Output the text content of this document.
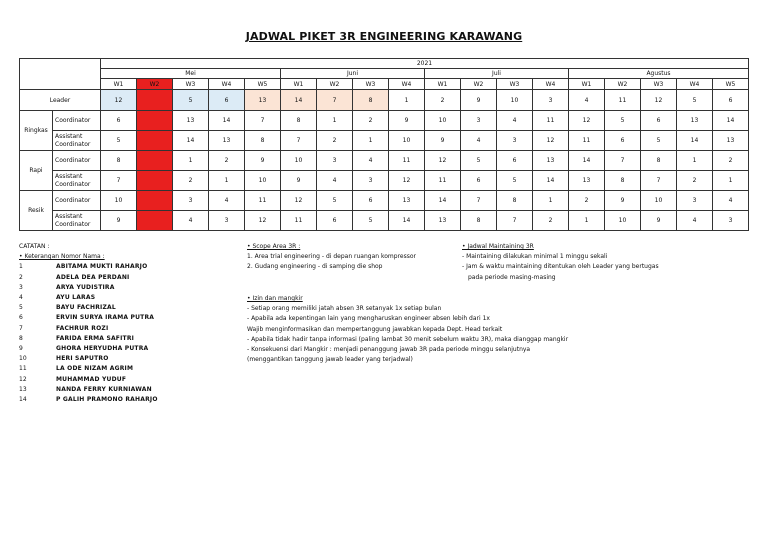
JADWAL PIKET 3R ENGINEERING KARAWANG
		2021																	
		Mei					Juni				Juli				Agustus				
		W1	W2	W3	W4	W5	W1	W2	W3	W4	W1	W2	W3	W4	W1	W2	W3	W4	W5
Leader		12		5	6	13	14	7	8	1	2	9	10	3	4	11	12	5	6
Ringkas	Coordinator	6		13	14	7	8	1	2	9	10	3	4	11	12	5	6	13	14
	Assistant Coordinator	5		14	13	8	7	2	1	10	9	4	3	12	11	6	5	14	13
Rapi	Coordinator	8		1	2	9	10	3	4	11	12	5	6	13	14	7	8	1	2
	Assistant Coordinator	7		2	1	10	9	4	3	12	11	6	5	14	13	8	7	2	1
Resik	Coordinator	10		3	4	11	12	5	6	13	14	7	8	1	2	9	10	3	4
	Assistant Coordinator	9		4	3	12	11	6	5	14	13	8	7	2	1	10	9	4	3
CATATAN :
• Keterangan Nomor Nama :
1	ABITAMA MUKTI RAHARJO
2	ADELA DEA PERDANI
3	ARYA YUDISTIRA
4	AYU LARAS
5	BAYU FACHRIZAL
6	ERVIN SURYA IRAMA PUTRA
7	FACHRUR ROZI
8	FARIDA ERMA SAFITRI
9	GHORA HERYUDHA PUTRA
10	HERI SAPUTRO
11	LA ODE NIZAM AGRIM
12	MUHAMMAD YUDUF
13	NANDA FERRY KURNIAWAN
14	P GALIH PRAMONO RAHARJO
• Scope Area 3R :
1. Area trial engineering - di depan ruangan kompressor
2. Gudang engineering - di samping die shop
• Izin dan mangkir
- Setiap orang memiliki jatah absen 3R setanyak 1x setiap bulan
- Apabila ada kepentingan lain yang mengharuskan engineer absen lebih dari 1x
Wajib menginformasikan dan mempertanggung jawabkan kepada Dept. Head terkait
- Apabila tidak hadir tanpa informasi (paling lambat 30 menit sebelum waktu 3R), maka dianggap mangkir
- Konsekuensi dari Mangkir : menjadi penanggung jawab 3R pada periode minggu selanjutnya
(menggantikan tanggung jawab leader yang terjadwal)
• Jadwal Maintaining 3R
- Maintaining dilakukan minimal 1 minggu sekali
- Jam & waktu maintaining ditentukan oleh Leader yang bertugas
pada periode masing-masing
